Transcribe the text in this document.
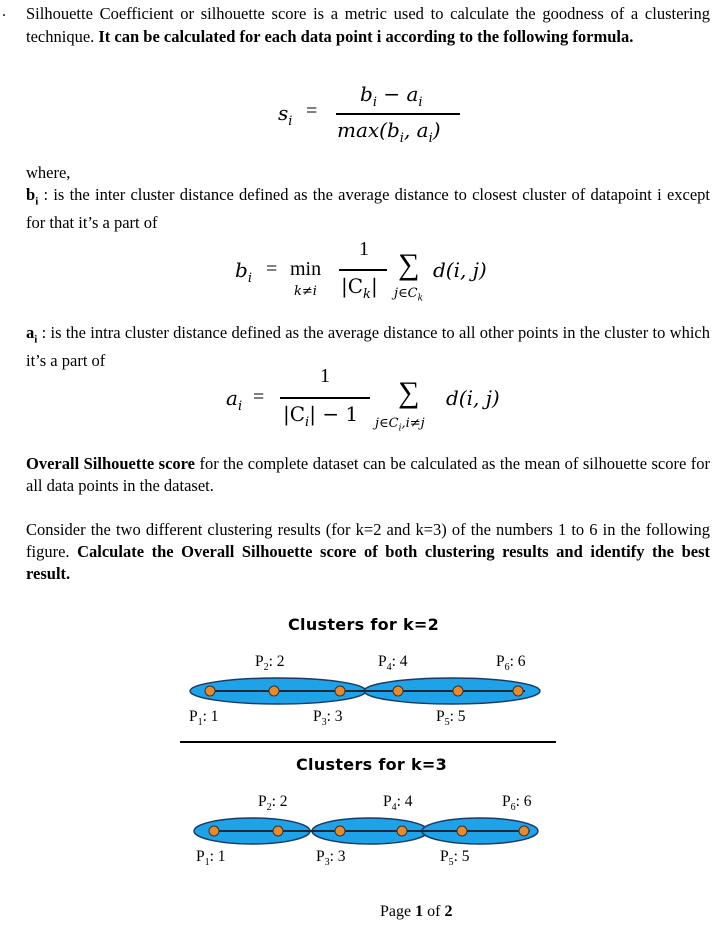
. Silhouette Coefficient or silhouette score is a metric used to calculate the goodness of a clustering technique. It can be calculated for each data point i according to the following formula.
$s_i$ =
$b_i - a_i$
$\max(b_i$, $a_i$)
where,
$b_i$ : is the inter cluster distance defined as the average distance to closest cluster of datapoint i except for that it’s a part of
$b_i = \min$
k≠i
1
$|C_k|$
∑
$j\in C_k$
d(i, j)
$a_i$ : is the intra cluster distance defined as the average distance to all other points in the cluster to which it’s a part of
$a_i$ =
1
$|C_i| - 1$
∑
$j\in C_i,i\ne j$
d(i, j)
Overall Silhouette score for the complete dataset can be calculated as the mean of silhouette score for all data points in the dataset.
Consider the two different clustering results (for k=2 and k=3) of the numbers 1 to 6 in the following figure. Calculate the Overall Silhouette score of both clustering results and identify the best result.
Clusters for k=2
$P_2$: 2	$P_4$: 4	$P_6$: 6
$P_1$: 1	$P_3$: 3	$P_5$: 5
Clusters for k=3
$P_2$: 2	$P_4$: 4	$P_6$: 6
$P_1$: 1	$P_3$: 3	$P_5$: 5
Page 1 of 2
